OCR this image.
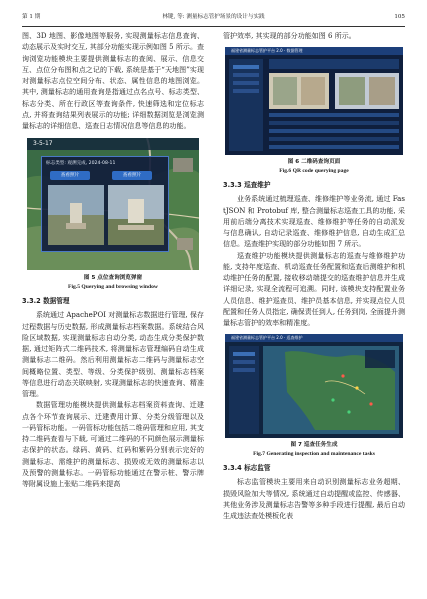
第 1 期	林键, 等: 测量标志管护场景的设计与实践	105

图、3D 地图、影像地图等服务, 实现测量标志信息查询、动态展示及实时交互, 其部分功能实现示例如图 5 所示。查询浏览功能模块主要提供测量标志的查阅、展示、信息交互、点位分布图和点之记的下载, 系统是基于“天地图”实现对测量标志点位空间分布、状态、属性信息的地图浏览。其中, 测量标志的通用查询是指通过点名点号、标志类型、标志分类、所在行政区等查询条件, 快速筛选和定位标志点, 并将查询结果列表展示的功能; 详细数据浏览是浏览测量标志的详细信息、巡查日志情况信息等信息的功能。

3-5-17
标志类型: 观测完成, 2024-08-11
查看照片	查看照片
图 5 点位查询浏览弹窗
Fig.5 Querying and browsing window
3.3.2 数据管理

系统通过 ApachePOI 对测量标志数据进行管理, 保存过程数据与历史数据, 形成测量标志档案数据。系统结合风险区域数据, 实现测量标志自动分类, 动态生成分类保护数据, 通过矩阵式二维码技术, 将测量标志管理编码自动生成测量标志二维码。然后利用测量标志二维码与测量标志空间概略位置、类型、等级、分类保护级别、测量标志档案等信息进行动态关联映射, 实现测量标志的快速查询、精准管理。

数据管理功能模块提供测量标志档案资料查询、迁建点各个环节查询展示、迁建费用计算、分类分级管理以及一码管标功能。一码管标功能包括二维码管理和应用, 其支持二维码查看与下载, 可通过二维码的不同颜色展示测量标志保护的状态。绿码、黄码、红码和紫码分别表示完好的测量标志、需维护的测量标志、损毁或无效的测量标志以及预警的测量标志。一码管标功能通过在警示桩、警示牌等附属设施上张贴二维码来提高

管护效率, 其实现的部分功能如图 6 所示。

福建省测量标志管护平台 2.0 · 数据管理
图 6 二维码查询页面
Fig.6 QR code querying page
3.3.3 巡查维护

业务系统通过梳理巡查、维修维护等业务流, 通过 FastJSON 和 Protobuf 库, 整合测量标志巡查工具的功能, 采用前后端分离技术实现巡查、维修维护等任务的自动派发与信息确认, 自动记录巡查、维修维护信息, 自动生成汇总信息。巡查维护实现的部分功能如图 7 所示。

巡查维护功能模块提供测量标志的巡查与维修维护功能, 支持年度巡查、机动巡查任务配置和巡查后测维护和机动维护任务的配置, 接收移动端提交的巡查维护信息并生成详细记录, 实现全流程可追溯。同时, 该模块支持配置业务人员信息、维护巡查员、维护员基本信息, 并实现点位人员配置和任务人员指定, 确保责任到人, 任务到岗, 全面提升测量标志管护的效率和精准度。

福建省测量标志管护平台 2.0 · 巡查维护
图 7 巡查任务生成
Fig.7 Generating inspection and maintenance tasks
3.3.4 标志监管

标志监管模块主要用来自动识别测量标志业务超期、损毁风险加大等情况, 系统通过自动提醒或监控、传感器、其他业务涉及测量标志告警等多种手段进行提醒, 最后自动生成违法查处模板化表
